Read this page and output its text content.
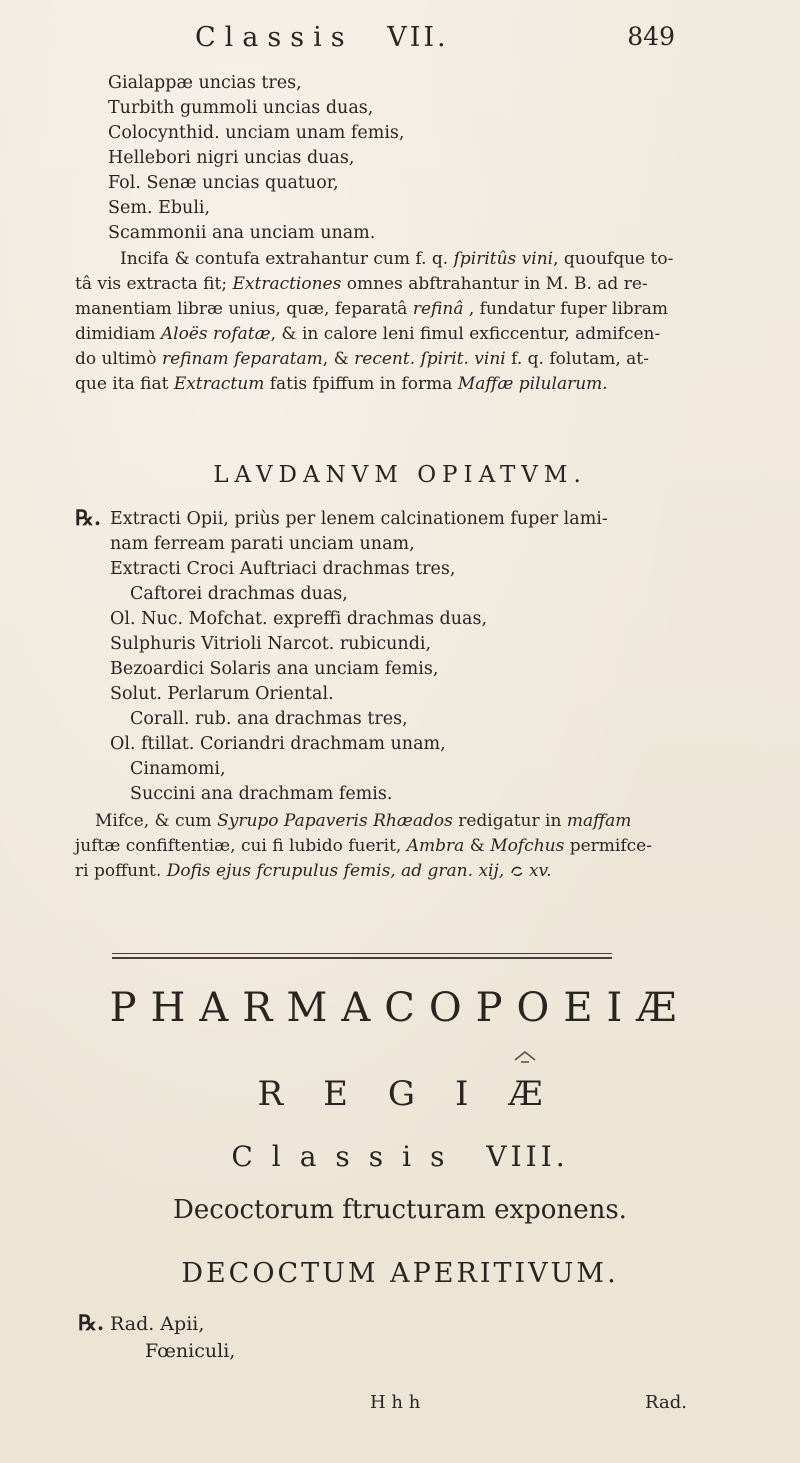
Classis VII.	849
Gialappæ uncias tres,
Turbith gummoli uncias duas,
Colocynthid. unciam unam femis,
Hellebori nigri uncias duas,
Fol. Senæ uncias quatuor,
Sem. Ebuli,
Scammonii ana unciam unam.
Incifa & contufa extrahantur cum f. q. ſpiritûs vini, quoufque to-
tâ vis extracta fit; Extractiones omnes abftrahantur in M. B. ad re-
manentiam libræ unius, quæ, feparatâ refinâ , fundatur fuper libram
dimidiam Aloës rofatæ, & in calore leni fimul exficcentur, admifcen-
do ultimò refinam feparatam, & recent. ſpirit. vini f. q. folutam, at-
que ita fiat Extractum fatis fpiffum in forma Maffæ pilularum.
LAVDANVM OPIATVM.
℞. Extracti Opii, priùs per lenem calcinationem fuper lami-
nam ferream parati unciam unam,
Extracti Croci Auftriaci drachmas tres,
Caftorei drachmas duas,
Ol. Nuc. Mofchat. expreffi drachmas duas,
Sulphuris Vitrioli Narcot. rubicundi,
Bezoardici Solaris ana unciam femis,
Solut. Perlarum Oriental.
Corall. rub. ana drachmas tres,
Ol. ftillat. Coriandri drachmam unam,
Cinamomi,
Succini ana drachmam femis.
Mifce, & cum Syrupo Papaveris Rhæados redigatur in maffam
juftæ confiftentiæ, cui fi lubido fuerit, Ambra & Mofchus permifce-
ri poffunt. Dofis ejus fcrupulus femis, ad gran. xij,  xv.
PHARMACOPOEIÆ
REGIÆ
Classis VIII.
Decoctorum ftructuram exponens.
DECOCTUM APERITIVUM.
℞. Rad. Apii,
Fœniculi,
H h h	Rad.
